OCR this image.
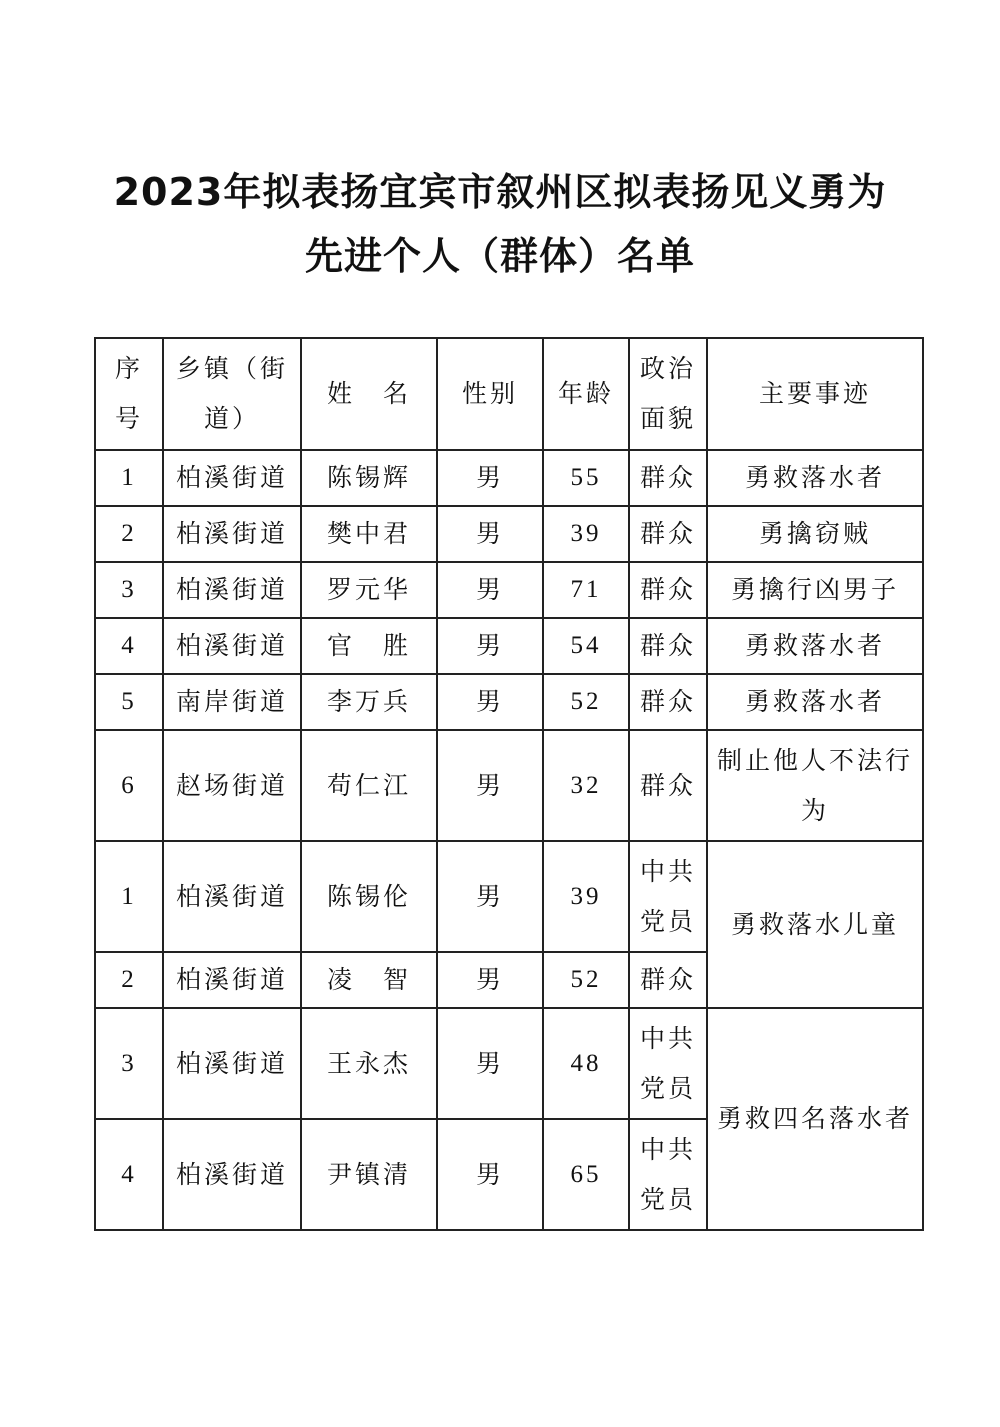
2023年拟表扬宜宾市叙州区拟表扬见义勇为
先进个人（群体）名单
序
号	乡镇（街
道）	姓　名	性别	年龄	政治
面貌	主要事迹
1	柏溪街道	陈锡辉	男	55	群众	勇救落水者
2	柏溪街道	樊中君	男	39	群众	勇擒窃贼
3	柏溪街道	罗元华	男	71	群众	勇擒行凶男子
4	柏溪街道	官　胜	男	54	群众	勇救落水者
5	南岸街道	李万兵	男	52	群众	勇救落水者
6	赵场街道	苟仁江	男	32	群众	制止他人不法行
为

1	柏溪街道	陈锡伦	男	39	中共
党员	勇救落水儿童
2	柏溪街道	凌　智	男	52	群众	
3	柏溪街道	王永杰	男	48	中共
党员	勇救四名落水者
4	柏溪街道	尹镇清	男	65	中共
党员	
